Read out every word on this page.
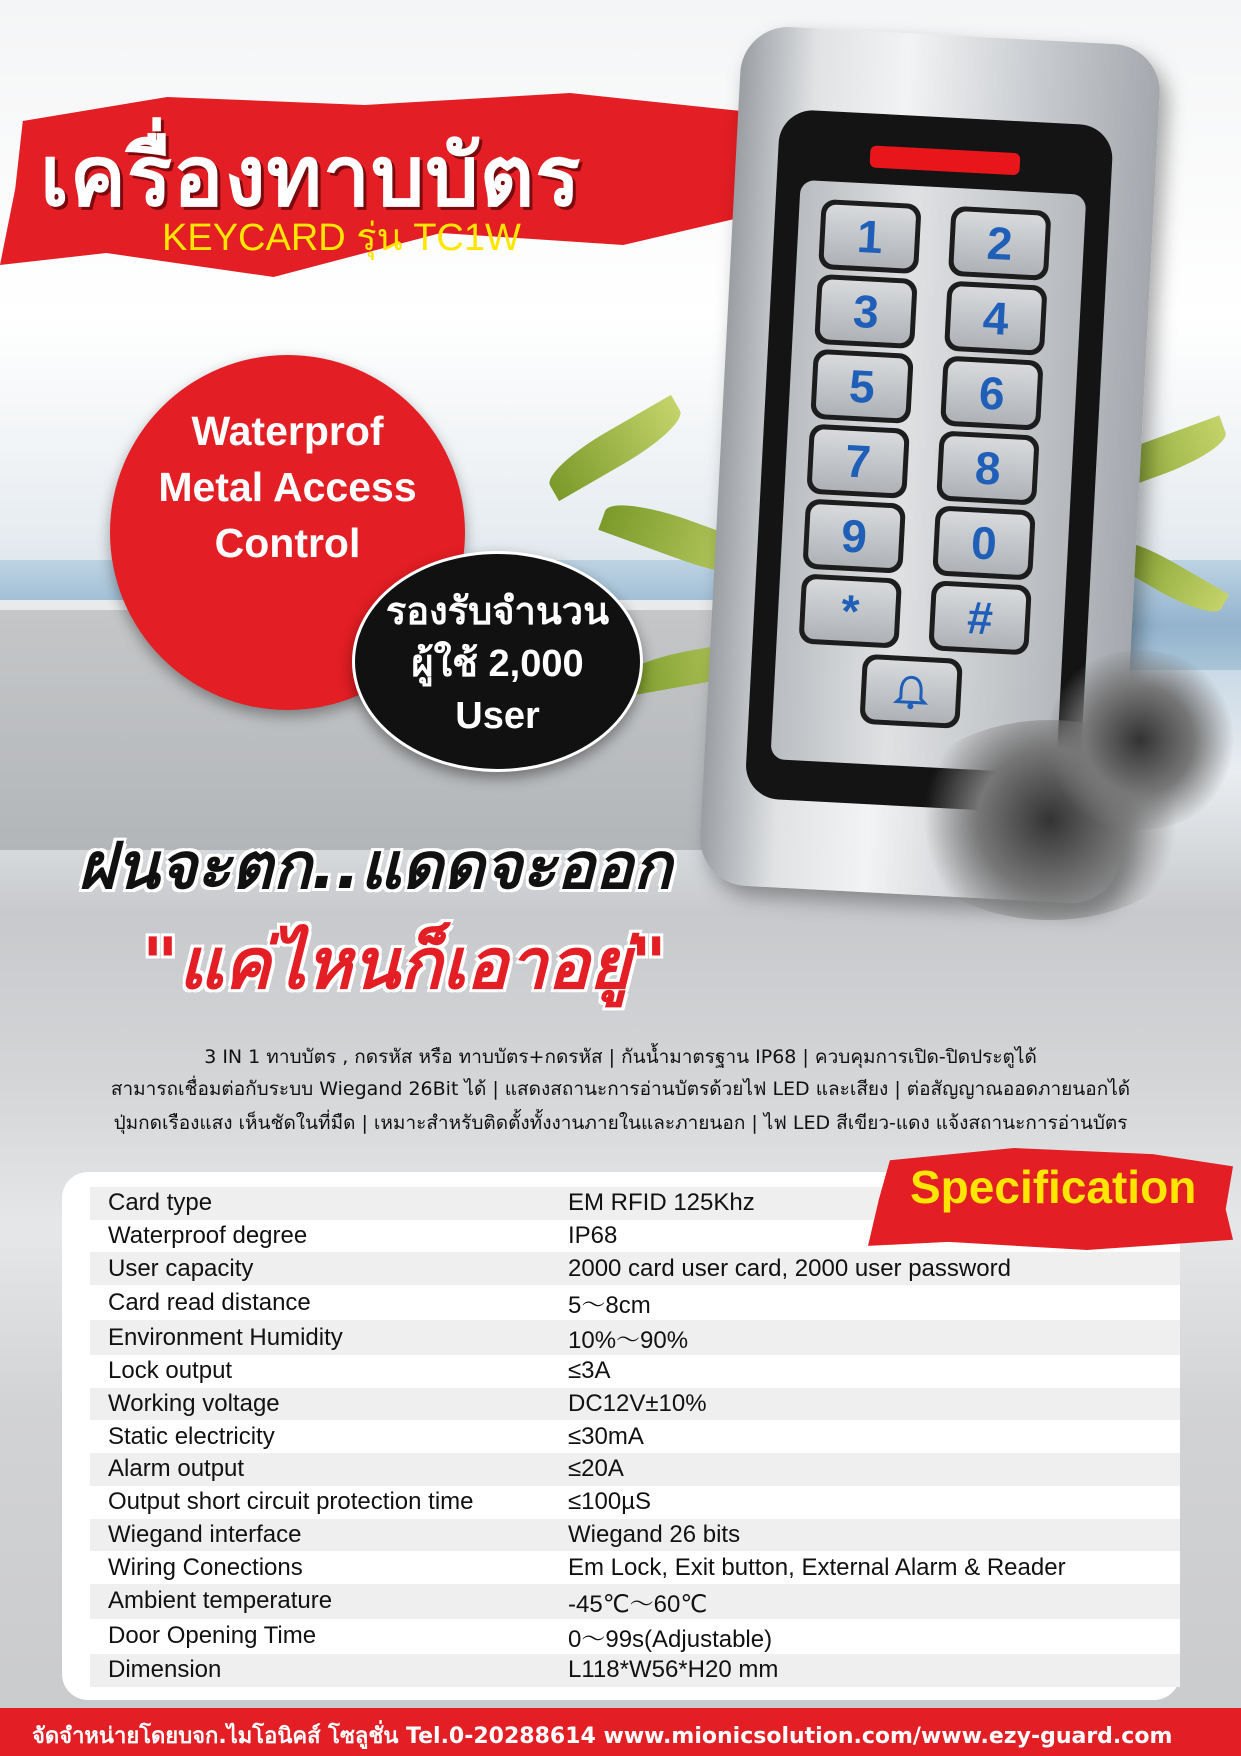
เครื่องทาบบัตร
KEYCARD รุ่น TC1W	1 2
3 4
5 6
7 8
9 0
* #
Waterprof
Metal Access
Control
รองรับจำนวน
ผู้ใช้ 2,000
User
ฝนจะตก..แดดจะออก
"แค่ไหนก็เอาอยู่"
3 IN 1 ทาบบัตร , กดรหัส หรือ ทาบบัตร+กดรหัส | กันน้ำมาตรฐาน IP68 | ควบคุมการเปิด-ปิดประตูได้
สามารถเชื่อมต่อกับระบบ Wiegand 26Bit ได้ | แสดงสถานะการอ่านบัตรด้วยไฟ LED และเสียง | ต่อสัญญาณออดภายนอกได้
ปุ่มกดเรืองแสง เห็นชัดในที่มืด | เหมาะสำหรับติดตั้งทั้งงานภายในและภายนอก | ไฟ LED สีเขียว-แดง แจ้งสถานะการอ่านบัตร
Card type	EM RFID 125Khz
Waterproof degree	IP68
User capacity	2000 card user card, 2000 user password
Card read distance	5〜8cm
Environment Humidity	10%〜90%
Lock output	≤3A
Working voltage	DC12V±10%
Static electricity	≤30mA
Alarm output	≤20A
Output short circuit protection time	≤100µS
Wiegand interface	Wiegand 26 bits
Wiring Conections	Em Lock, Exit button, External Alarm & Reader
Ambient temperature	-45℃〜60℃
Door Opening Time	0〜99s(Adjustable)
Dimension	L118*W56*H20 mm
Specification
จัดจำหน่ายโดยบจก.ไมโอนิคส์ โซลูชั่น Tel.0-20288614 www.mionicsolution.com/www.ezy-guard.com
